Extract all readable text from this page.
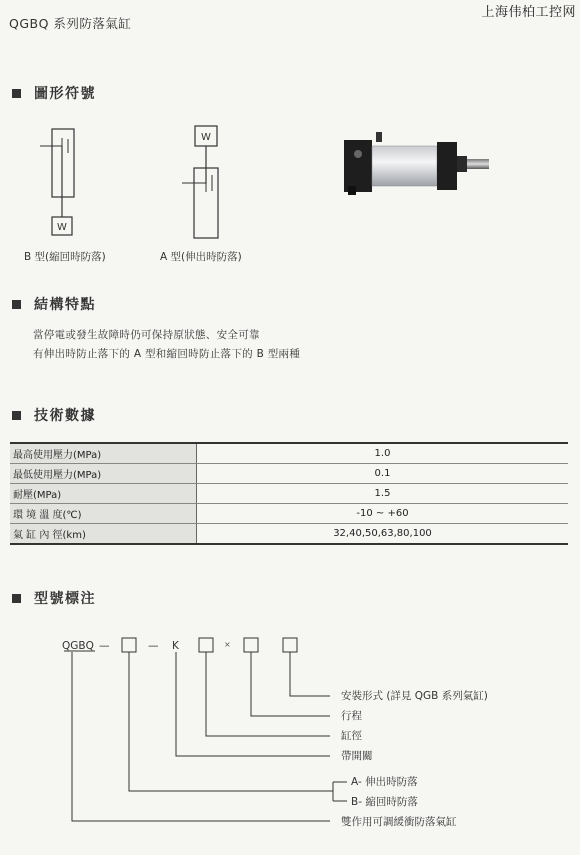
上海伟柏工控网
QGBQ 系列防落氣缸
圖形符號
W
B 型(縮回時防落)
W
A 型(伸出時防落)
結構特點
當停電或發生故障時仍可保持原狀態、安全可靠
有伸出時防止落下的 A 型和縮回時防止落下的 B 型兩種
技術數據
最高使用壓力(MPa)	1.0
最低使用壓力(MPa)	0.1
耐壓(MPa)	1.5
環 境 溫 度(℃)	-10 ~ +60
氣 缸 內 徑(km)	32,40,50,63,80,100
型號標注
QGBQ —	— K	×
安裝形式 (詳見 QGB 系列氣缸)
行程
缸徑
帶開關
A- 伸出時防落
B- 縮回時防落
雙作用可調緩衝防落氣缸
